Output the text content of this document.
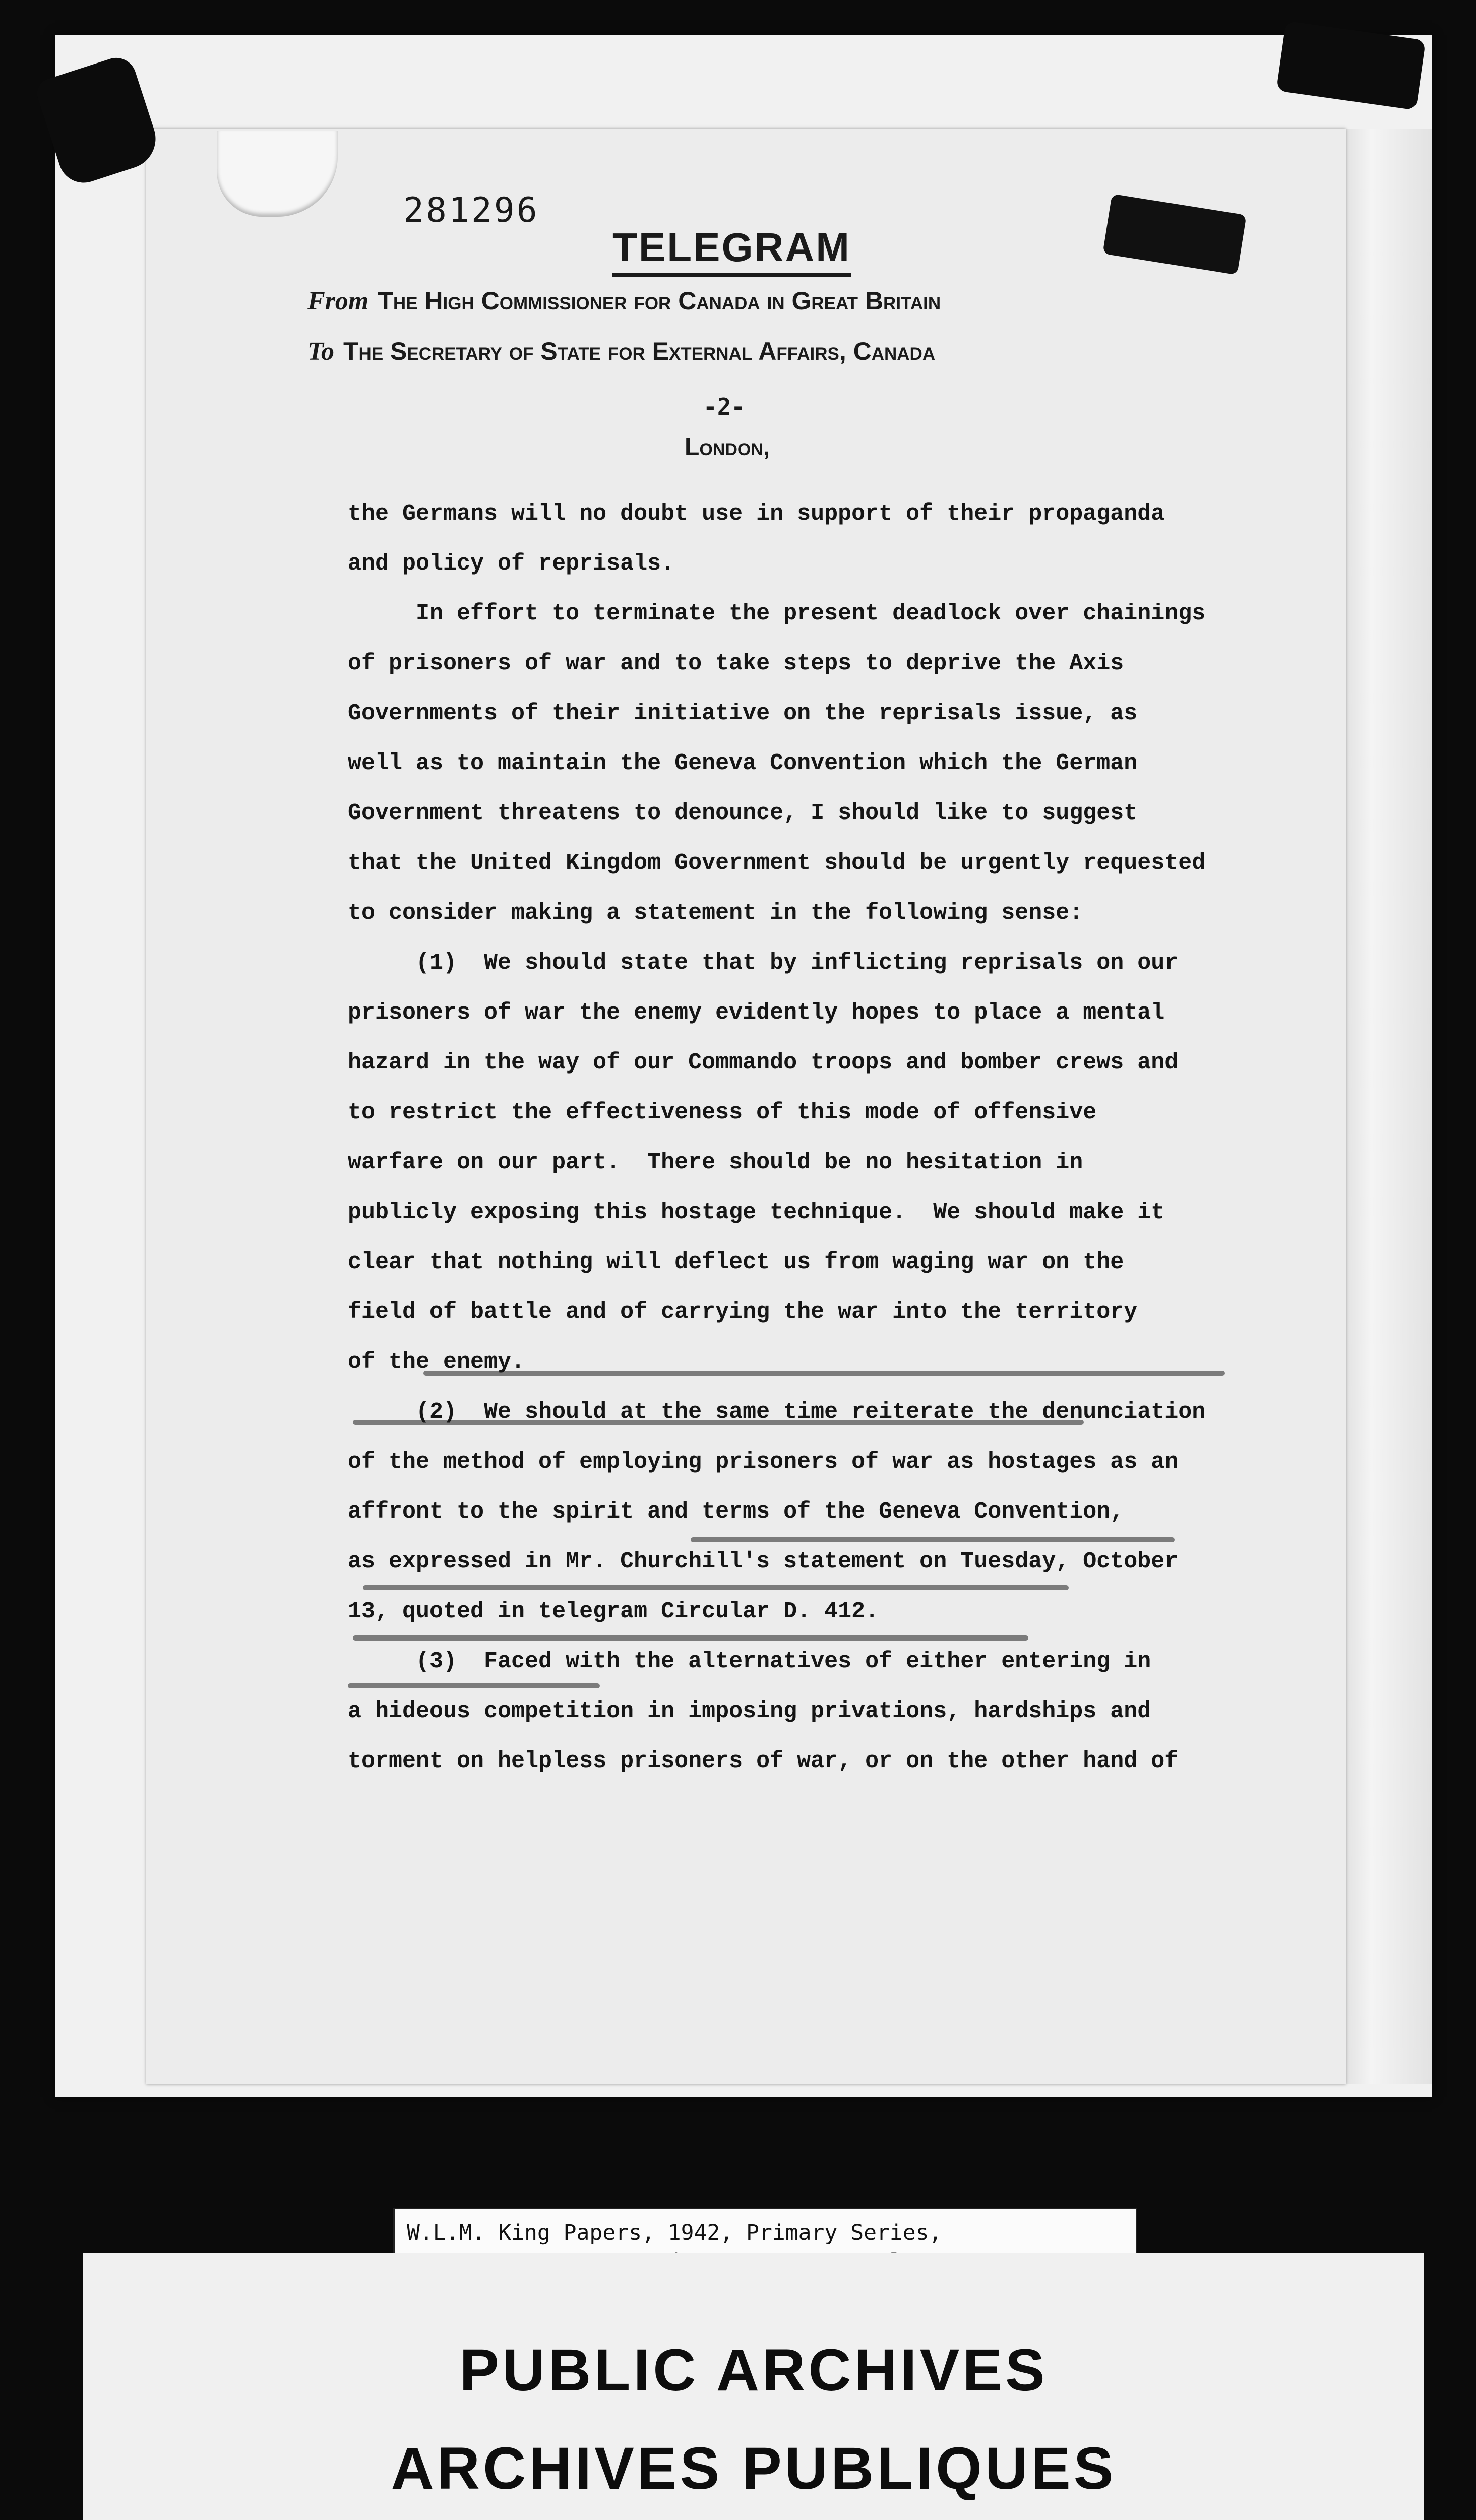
281296
TELEGRAM
From The High Commissioner for Canada in Great Britain
To The Secretary of State for External Affairs, Canada
-2-
London,
the Germans will no doubt use in support of their propaganda
and policy of reprisals.
In effort to terminate the present deadlock over chainings
of prisoners of war and to take steps to deprive the Axis
Governments of their initiative on the reprisals issue, as
well as to maintain the Geneva Convention which the German
Government threatens to denounce, I should like to suggest
that the United Kingdom Government should be urgently requested
to consider making a statement in the following sense:
(1)  We should state that by inflicting reprisals on our
prisoners of war the enemy evidently hopes to place a mental
hazard in the way of our Commando troops and bomber crews and
to restrict the effectiveness of this mode of offensive
warfare on our part.  There should be no hesitation in
publicly exposing this hostage technique.  We should make it
clear that nothing will deflect us from waging war on the
field of battle and of carrying the war into the territory
of the enemy.
(2)  We should at the same time reiterate the denunciation
of the method of employing prisoners of war as hostages as an
affront to the spirit and terms of the Geneva Convention,
as expressed in Mr. Churchill's statement on Tuesday, October
13, quoted in telegram Circular D. 412.
(3)  Faced with the alternatives of either entering in
a hideous competition in imposing privations, hardships and
torment on helpless prisoners of war, or on the other hand of
W.L.M. King Papers, 1942, Primary Series,
PUBLIC ARCHIVES
ARCHIVES PUBLIQUES
